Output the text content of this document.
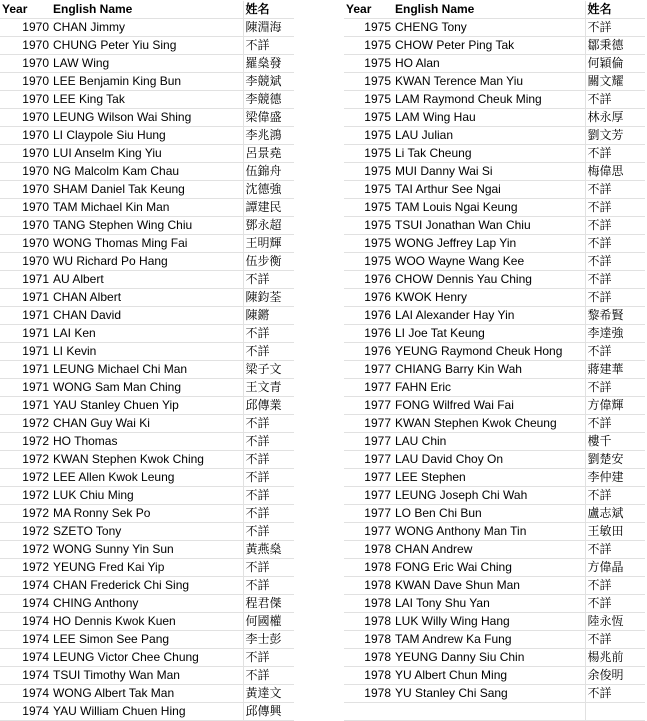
Year	English Name	姓名
1970	CHAN Jimmy	陳淵海
1970	CHUNG Peter Yiu Sing	不詳
1970	LAW Wing	羅燊發
1970	LEE Benjamin King Bun	李競斌
1970	LEE King Tak	李競德
1970	LEUNG Wilson Wai Shing	梁偉盛
1970	LI Claypole Siu Hung	李兆鴻
1970	LUI Anselm King Yiu	呂景堯
1970	NG Malcolm Kam Chau	伍錦舟
1970	SHAM Daniel Tak Keung	沈德強
1970	TAM Michael Kin Man	譚建民
1970	TANG Stephen Wing Chiu	鄧永超
1970	WONG Thomas Ming Fai	王明輝
1970	WU Richard Po Hang	伍步衡
1971	AU Albert	不詳
1971	CHAN Albert	陳鈞荃
1971	CHAN David	陳鏘
1971	LAI Ken	不詳
1971	LI Kevin	不詳
1971	LEUNG Michael Chi Man	梁子文
1971	WONG Sam Man Ching	王文青
1971	YAU Stanley Chuen Yip	邱傳業
1972	CHAN Guy Wai Ki	不詳
1972	HO Thomas	不詳
1972	KWAN Stephen Kwok Ching	不詳
1972	LEE Allen Kwok Leung	不詳
1972	LUK Chiu Ming	不詳
1972	MA Ronny Sek Po	不詳
1972	SZETO Tony	不詳
1972	WONG Sunny Yin Sun	黃燕燊
1972	YEUNG Fred Kai Yip	不詳
1974	CHAN Frederick Chi Sing	不詳
1974	CHING Anthony	程君傑
1974	HO Dennis Kwok Kuen	何國權
1974	LEE Simon See Pang	李士彭
1974	LEUNG Victor Chee Chung	不詳
1974	TSUI Timothy Wan Man	不詳
1974	WONG Albert Tak Man	黃達文
1974	YAU William Chuen Hing	邱傳興
Year	English Name	姓名
1975	CHENG Tony	不詳
1975	CHOW Peter Ping Tak	鄒秉德
1975	HO Alan	何穎倫
1975	KWAN Terence Man Yiu	關文耀
1975	LAM Raymond Cheuk Ming	不詳
1975	LAM Wing Hau	林永厚
1975	LAU Julian	劉文芳
1975	Li Tak Cheung	不詳
1975	MUI Danny Wai Si	梅偉思
1975	TAI Arthur See Ngai	不詳
1975	TAM Louis Ngai Keung	不詳
1975	TSUI Jonathan Wan Chiu	不詳
1975	WONG Jeffrey Lap Yin	不詳
1975	WOO Wayne Wang Kee	不詳
1976	CHOW Dennis Yau Ching	不詳
1976	KWOK Henry	不詳
1976	LAI Alexander Hay Yin	黎希賢
1976	LI Joe Tat Keung	李達強
1976	YEUNG Raymond Cheuk Hong	不詳
1977	CHIANG Barry Kin Wah	蔣建華
1977	FAHN Eric	不詳
1977	FONG Wilfred Wai Fai	方偉輝
1977	KWAN Stephen Kwok Cheung	不詳
1977	LAU Chin	樓千
1977	LAU David Choy On	劉楚安
1977	LEE Stephen	李仲建
1977	LEUNG Joseph Chi Wah	不詳
1977	LO Ben Chi Bun	盧志斌
1977	WONG Anthony Man Tin	王敏田
1978	CHAN Andrew	不詳
1978	FONG Eric Wai Ching	方偉晶
1978	KWAN Dave Shun Man	不詳
1978	LAI Tony Shu Yan	不詳
1978	LUK Willy Wing Hang	陸永恆
1978	TAM Andrew Ka Fung	不詳
1978	YEUNG Danny Siu Chin	楊兆前
1978	YU Albert Chun Ming	余俊明
1978	YU Stanley Chi Sang	不詳
